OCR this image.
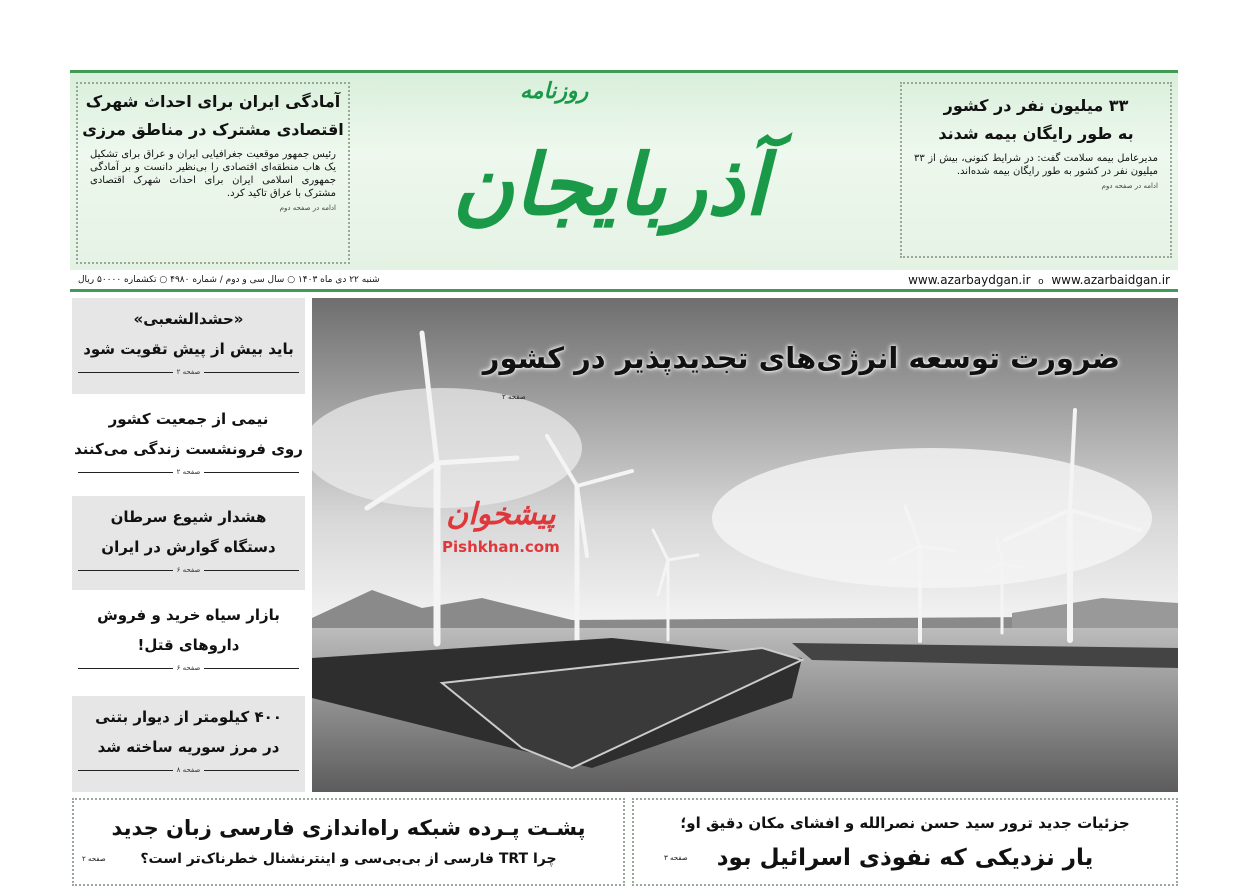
آمادگی ایران برای احداث شهرک
اقتصادی مشترک در مناطق مرزی
رئیس جمهور موقعیت جغرافیایی ایران و عراق برای تشکیل یک هاب منطقه‌ای اقتصادی را بی‌نظیر دانست و بر آمادگی جمهوری اسلامی ایران برای احداث شهرک اقتصادی مشترک با عراق تاکید کرد.
ادامه در صفحه دوم
۳۳ میلیون نفر در کشور
به طور رایگان بیمه شدند
مدیرعامل بیمه سلامت گفت: در شرایط کنونی، بیش از ۳۳ میلیون نفر در کشور به طور رایگان بیمه شده‌اند.
ادامه در صفحه دوم
روزنامه
آذربایجان
شنبه ۲۲ دی ماه ۱۴۰۳ ○ سال سی و دوم / شماره ۴۹۸۰ ○ تکشماره ۵۰۰۰۰ ریال	www.azarbaydgan.ir o www.azarbaidgan.ir
«حشدالشعبی»
باید بیش از پیش تقویت شود
صفحه ۲
نیمی از جمعیت کشور
روی فرونشست زندگی می‌کنند
صفحه ۲
هشدار شیوع سرطان
دستگاه گوارش در ایران
صفحه ۶
بازار سیاه خرید و فروش
داروهای قتل!
صفحه ۶
۴۰۰ کیلومتر از دیوار بتنی
در مرز سوریه ساخته شد
صفحه ۸
ضرورت توسعه انرژی‌های تجدیدپذیر در کشور
صفحه ۲
پیشخوان
Pishkhan.com
پشـت پـرده شبکه راه‌اندازی فارسی زبان جدید
چرا TRT فارسی از بی‌بی‌سی و اینترنشنال خطرناک‌تر است؟
صفحه ۲
جزئیات جدید ترور سید حسن نصرالله و افشای مکان دقیق او؛
یار نزدیکی که نفوذی اسرائیل بود
صفحه ۳
